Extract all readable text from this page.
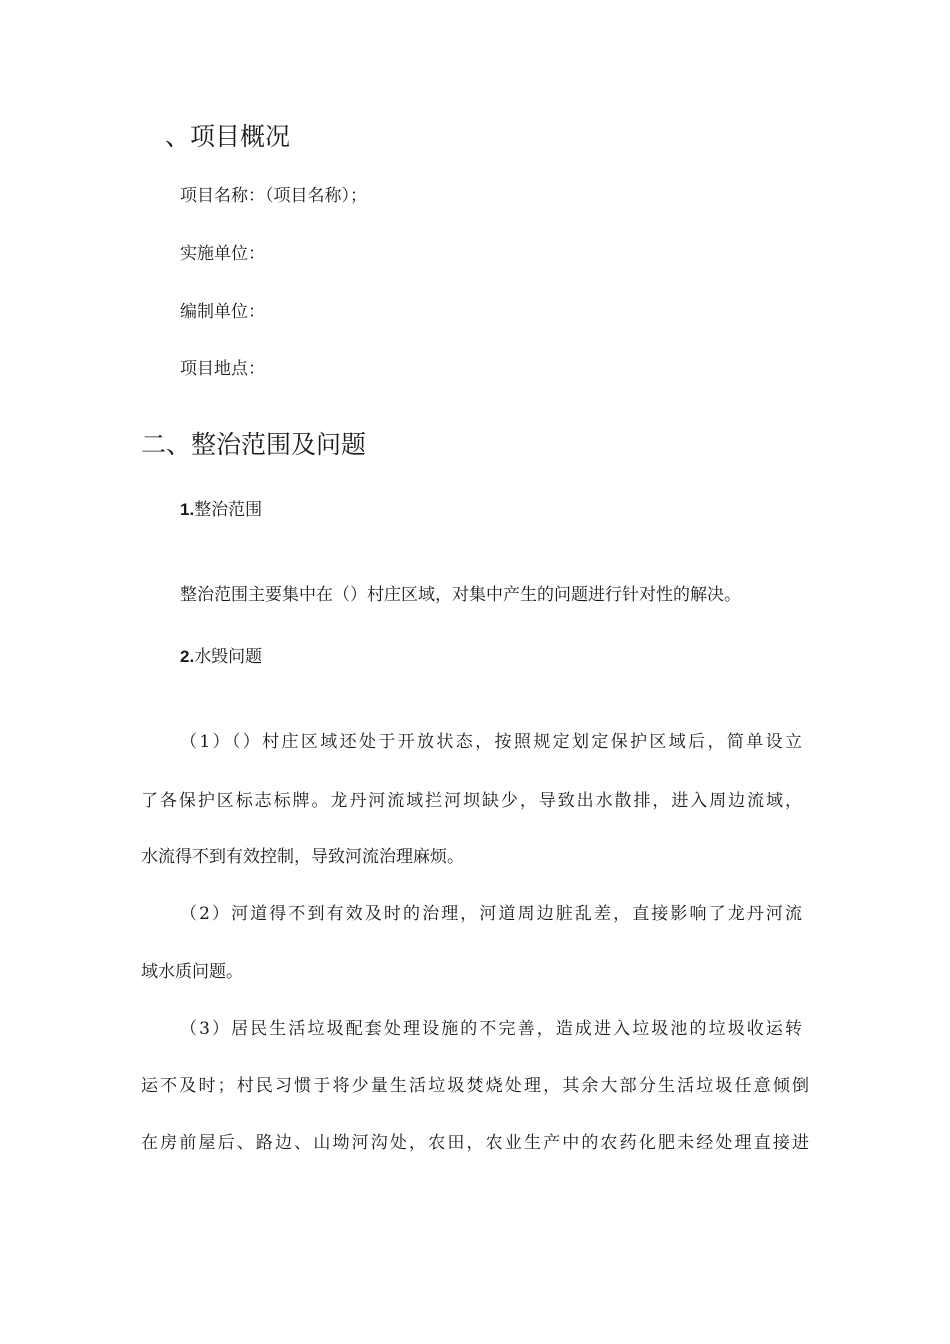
、项目概况
项目名称：（项目名称）；
实施单位：
编制单位：
项目地点：
二、整治范围及问题
1.整治范围
整治范围主要集中在（）村庄区域，对集中产生的问题进行针对性的解决。
2.水毁问题
（1）（）村庄区域还处于开放状态，按照规定划定保护区域后，简单设立
了各保护区标志标牌。龙丹河流域拦河坝缺少，导致出水散排，进入周边流域，
水流得不到有效控制，导致河流治理麻烦。
（2）河道得不到有效及时的治理，河道周边脏乱差，直接影响了龙丹河流
域水质问题。
（3）居民生活垃圾配套处理设施的不完善，造成进入垃圾池的垃圾收运转
运不及时；村民习惯于将少量生活垃圾焚烧处理，其余大部分生活垃圾任意倾倒
在房前屋后、路边、山坳河沟处，农田，农业生产中的农药化肥未经处理直接进
